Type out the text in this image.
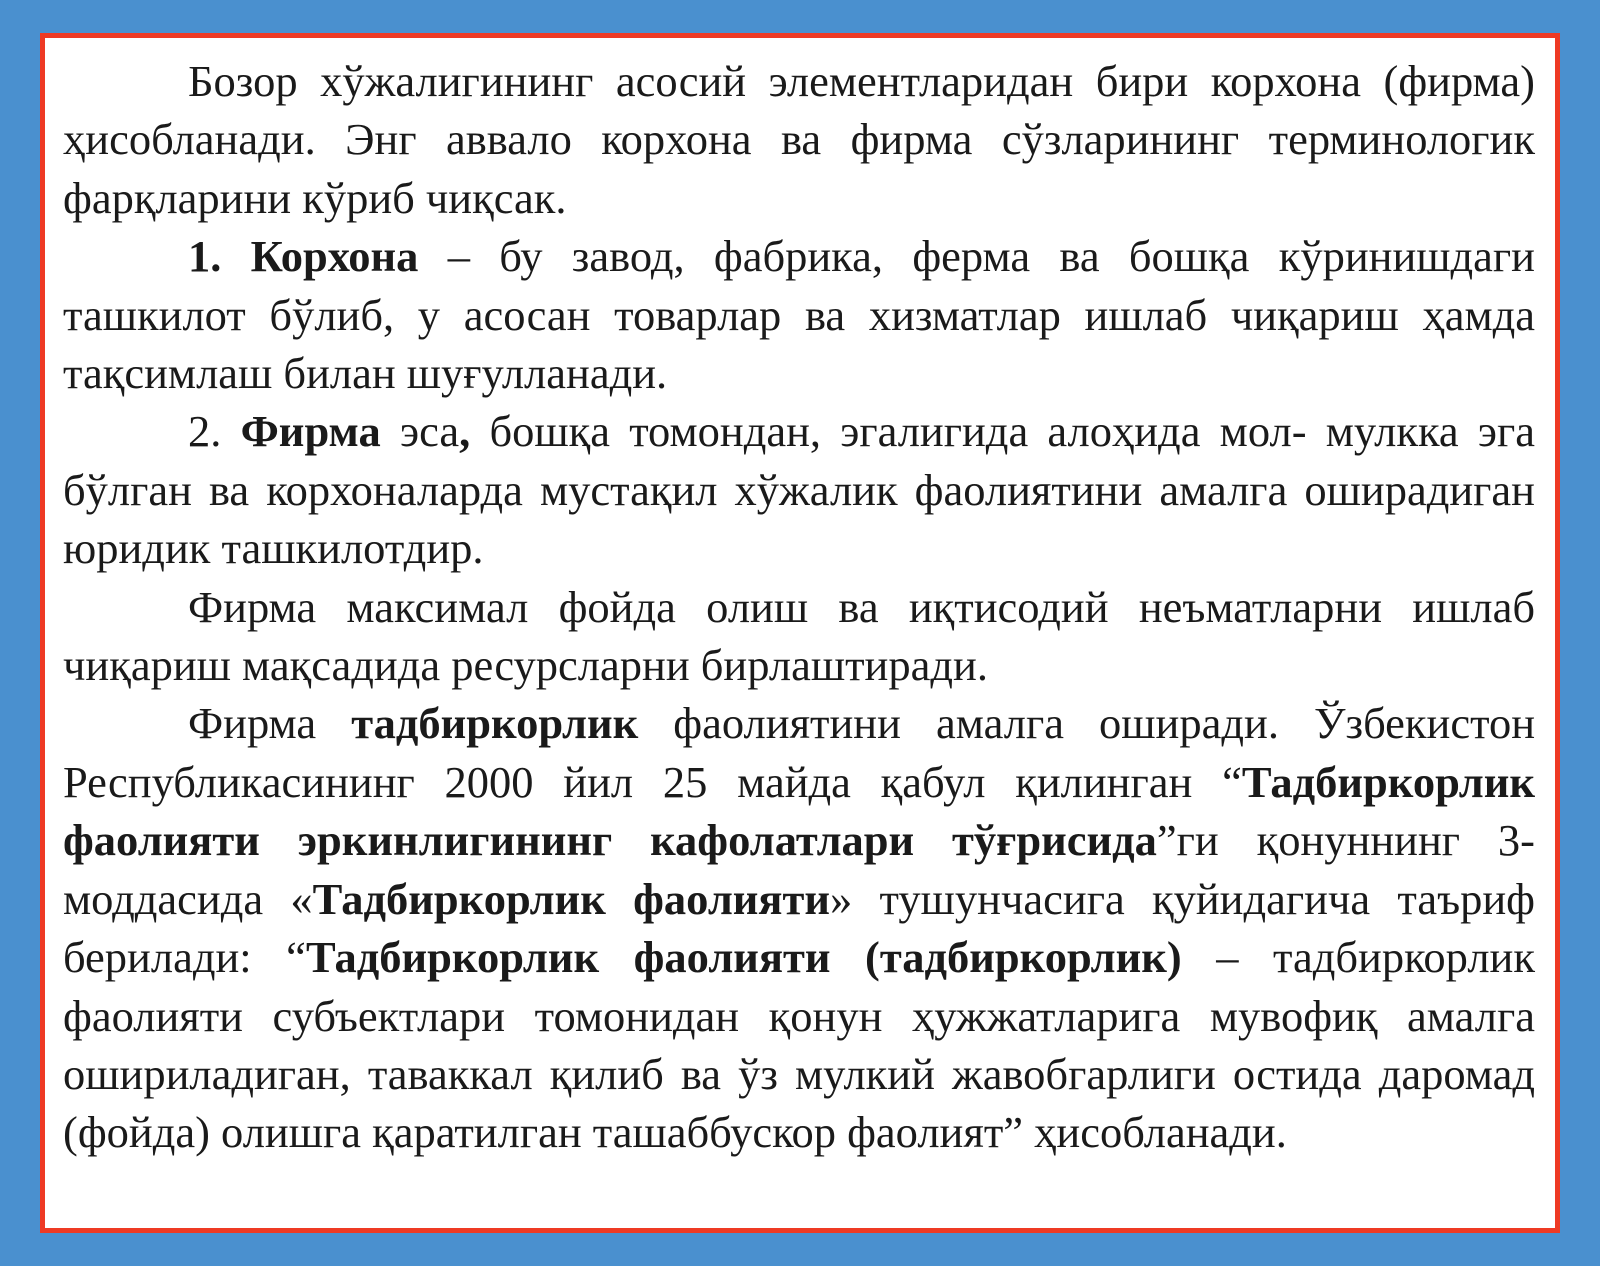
Бозор хўжалигининг асосий элементларидан бири корхона (фирма) ҳисобланади. Энг аввало корхона ва фирма сўзларининг терминологик фарқларини кўриб чиқсак.

1. Корхона – бу завод, фабрика, ферма ва бошқа кўринишдаги ташкилот бўлиб, у асосан товарлар ва хизматлар ишлаб чиқариш ҳамда тақсимлаш билан шуғулланади.

2. Фирма эса, бошқа томондан, эгалигида алоҳида мол- мулкка эга бўлган ва корхоналарда мустақил хўжалик фаолиятини амалга оширадиган юридик ташкилотдир.

Фирма максимал фойда олиш ва иқтисодий неъматларни ишлаб чиқариш мақсадида ресурсларни бирлаштиради.

Фирма тадбиркорлик фаолиятини амалга оширади. Ўзбекистон Республикасининг 2000 йил 25 майда қабул қилинган “Тадбиркорлик фаолияти эркинлигининг кафолатлари тўғрисида”ги қонуннинг 3-моддасида «Тадбиркорлик фаолияти» тушунчасига қуйидагича таъриф берилади: “Тадбиркорлик фаолияти (тадбиркорлик) – тадбиркорлик фаолияти субъектлари томонидан қонун ҳужжатларига мувофиқ амалга ошириладиган, таваккал қилиб ва ўз мулкий жавобгарлиги остида даромад (фойда) олишга қаратилган ташаббускор фаолият” ҳисобланади.
